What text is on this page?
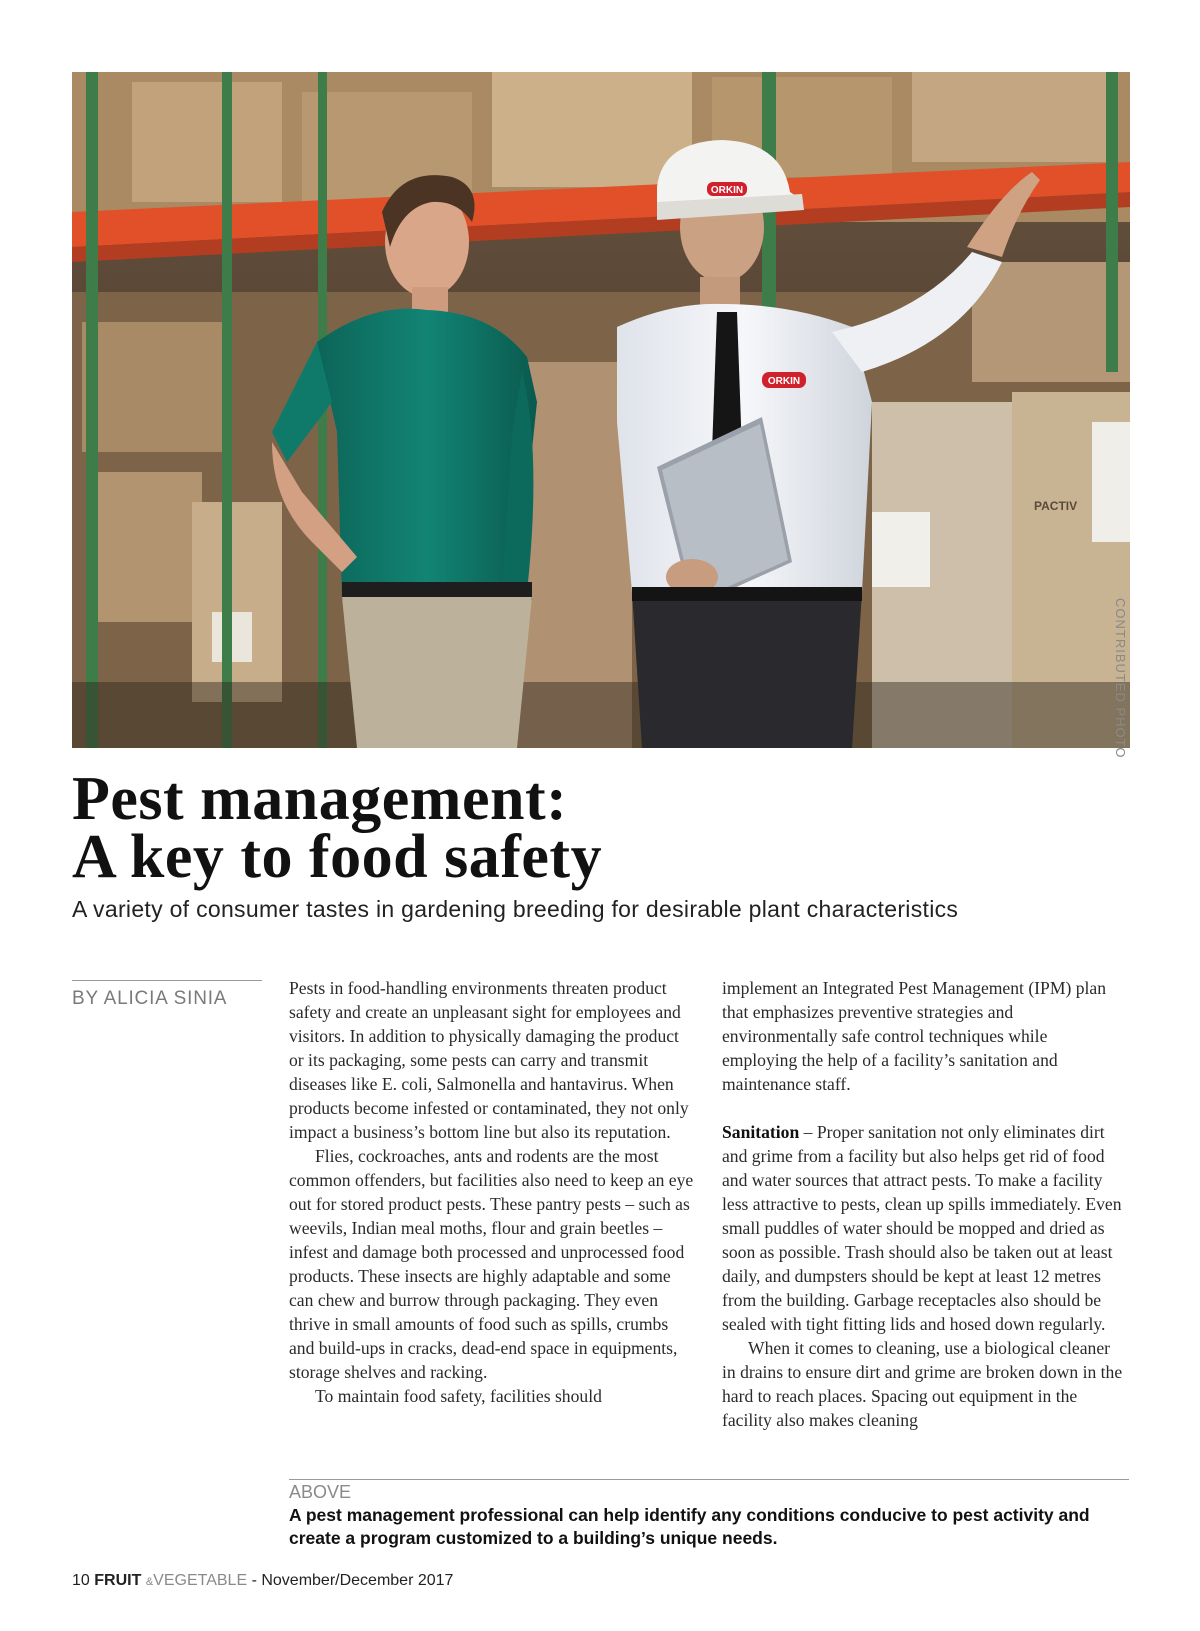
ORKIN
ORKIN
PACTIV
CONTRIBUTED PHOTO
Pest management:
A key to food safety

A variety of consumer tastes in gardening breeding for desirable plant characteristics

BY ALICIA SINIA	Pests in food-handling environments threaten product safety and create an unpleasant sight for employees and visitors. In addition to physically damaging the product or its packaging, some pests can carry and transmit diseases like E. coli, Salmonella and hantavirus. When products become infested or contaminated, they not only impact a business’s bottom line but also its reputation.

Flies, cockroaches, ants and rodents are the most common offenders, but facilities also need to keep an eye out for stored product pests. These pantry pests – such as weevils, Indian meal moths, flour and grain beetles – infest and damage both processed and unprocessed food products. These insects are highly adaptable and some can chew and burrow through packaging. They even thrive in small amounts of food such as spills, crumbs and build-ups in cracks, dead-end space in equipments, storage shelves and racking.

To maintain food safety, facilities should

implement an Integrated Pest Management (IPM) plan that emphasizes preventive strategies and environmentally safe control techniques while employing the help of a facility’s sanitation and maintenance staff.

Sanitation – Proper sanitation not only eliminates dirt and grime from a facility but also helps get rid of food and water sources that attract pests. To make a facility less attractive to pests, clean up spills immediately. Even small puddles of water should be mopped and dried as soon as possible. Trash should also be taken out at least daily, and dumpsters should be kept at least 12 metres from the building. Garbage receptacles also should be sealed with tight fitting lids and hosed down regularly.

When it comes to cleaning, use a biological cleaner in drains to ensure dirt and grime are broken down in the hard to reach places. Spacing out equipment in the facility also makes cleaning

ABOVE

A pest management professional can help identify any conditions conducive to pest activity and create a program customized to a building’s unique needs.

10 FRUIT &VEGETABLE - November/December 2017
